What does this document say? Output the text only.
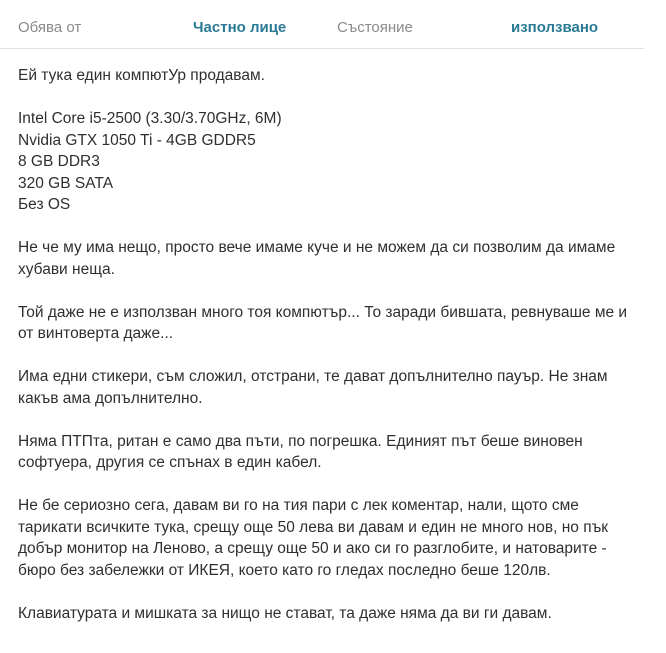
Обява от	Частно лице	Състояние	използвано

Ей тука един компютУр продавам.

Intel Core i5-2500 (3.30/3.70GHz, 6M)
Nvidia GTX 1050 Ti - 4GB GDDR5
8 GB DDR3
320 GB SATA
Без OS

Не че му има нещо, просто вече имаме куче и не можем да си позволим да имаме хубави неща.

Той даже не е използван много тоя компютър... То заради бившата, ревнуваше ме и от винтоверта даже...

Има едни стикери, съм сложил, отстрани, те дават допълнително пауър. Не знам какъв ама допълнително.

Няма ПТПта, ритан е само два пъти, по погрешка. Единият път беше виновен софтуера, другия се спънах в един кабел.

Не бе сериозно сега, давам ви го на тия пари с лек коментар, нали, щото сме тарикати всичките тука, срещу още 50 лева ви давам и един не много нов, но пък добър монитор на Леново, а срещу още 50 и ако си го разглобите, и натоварите - бюро без забележки от ИКЕЯ, което като го гледах последно беше 120лв.

Клавиатурата и мишката за нищо не стават, та даже няма да ви ги давам.
